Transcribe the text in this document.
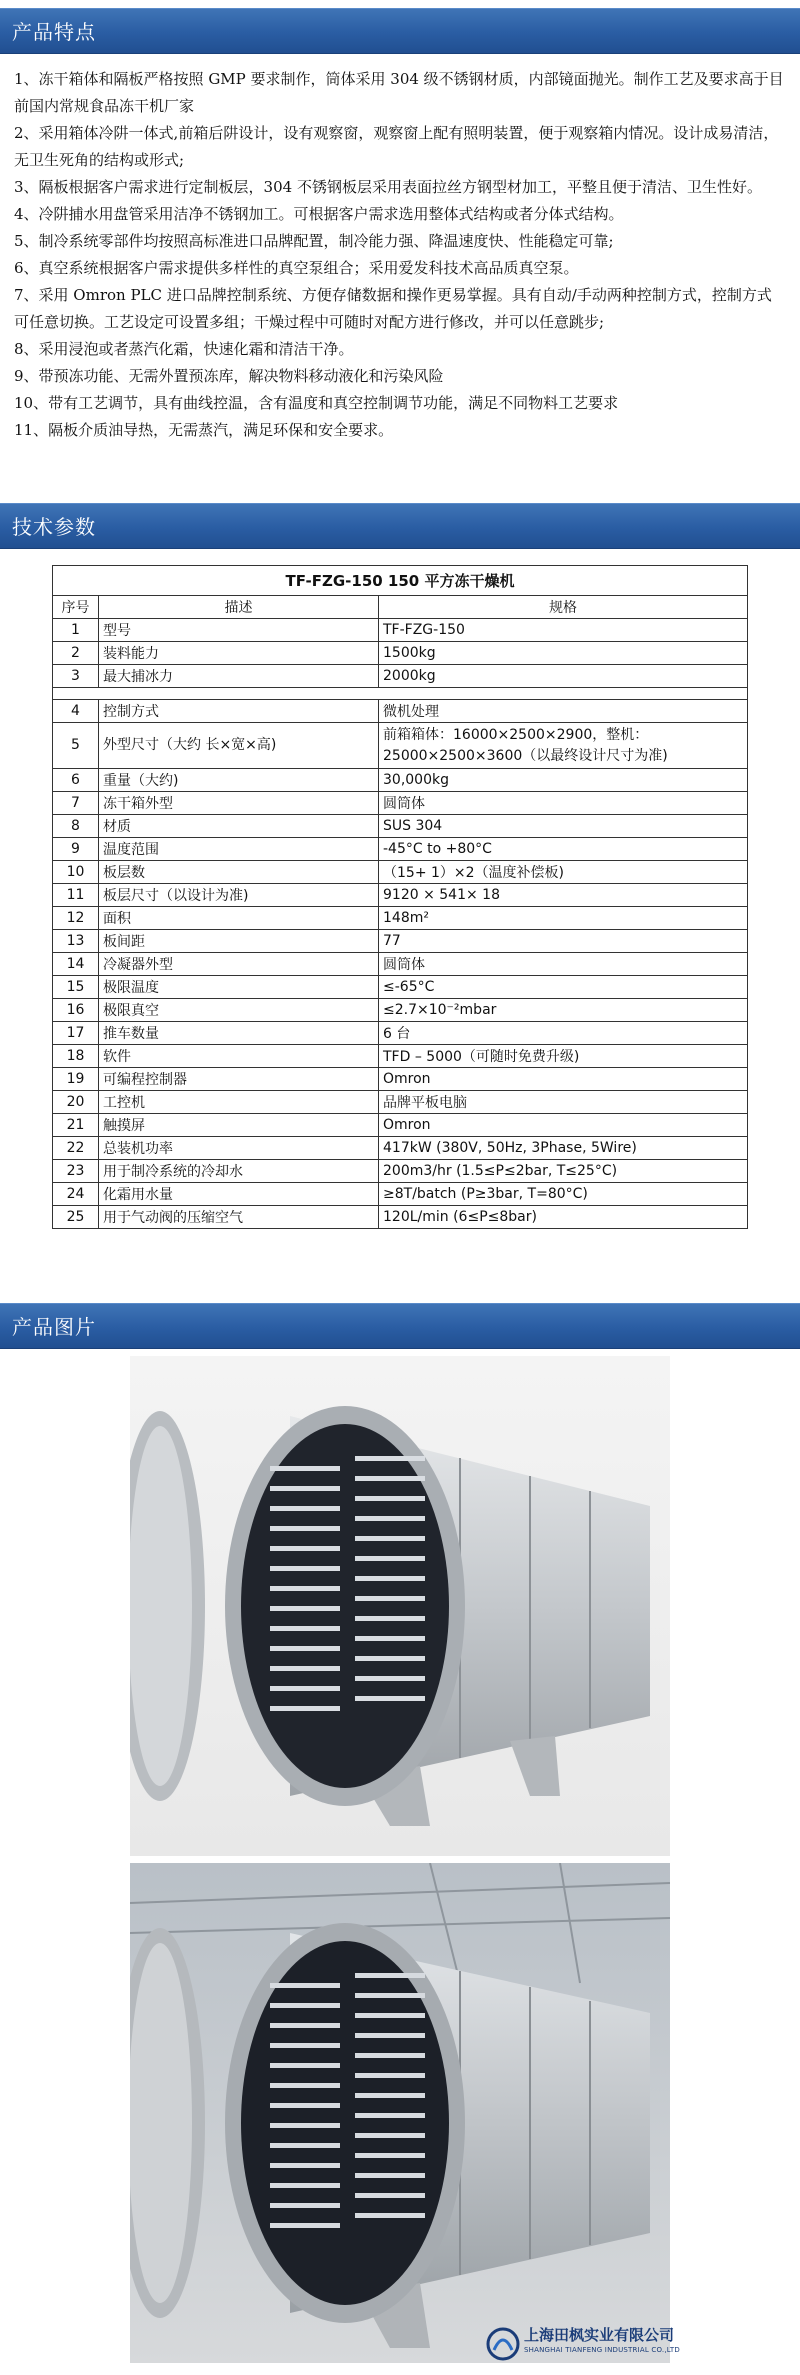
产品特点

1、冻干箱体和隔板严格按照 GMP 要求制作，筒体采用 304 级不锈钢材质，内部镜面抛光。制作工艺及要求高于目前国内常规食品冻干机厂家

2、采用箱体冷阱一体式,前箱后阱设计，设有观察窗，观察窗上配有照明装置，便于观察箱内情况。设计成易清洁， 无卫生死角的结构或形式;

3、隔板根据客户需求进行定制板层，304 不锈钢板层采用表面拉丝方钢型材加工，平整且便于清洁、卫生性好。

4、冷阱捕水用盘管采用洁净不锈钢加工。可根据客户需求选用整体式结构或者分体式结构。

5、制冷系统零部件均按照高标准进口品牌配置，制冷能力强、降温速度快、性能稳定可靠;

6、真空系统根据客户需求提供多样性的真空泵组合；采用爱发科技术高品质真空泵。

7、采用 Omron PLC 进口品牌控制系统、方便存储数据和操作更易掌握。具有自动/手动两种控制方式，控制方式可任意切换。工艺设定可设置多组；干燥过程中可随时对配方进行修改，并可以任意跳步;

8、采用浸泡或者蒸汽化霜，快速化霜和清洁干净。

9、带预冻功能、无需外置预冻库，解决物料移动液化和污染风险

10、带有工艺调节，具有曲线控温，含有温度和真空控制调节功能，满足不同物料工艺要求

11、隔板介质油导热，无需蒸汽，满足环保和安全要求。

技术参数
TF-FZG-150 150 平方冻干燥机		
序号	描述	规格
1	型号	TF-FZG-150
2	装料能力	1500kg
3	最大捕冰力	2000kg

4	控制方式	微机处理
5	外型尺寸（大约 长×宽×高)	前箱箱体：16000×2500×2900，整机：25000×2500×3600（以最终设计尺寸为准)
6	重量（大约)	30,000kg
7	冻干箱外型	圆筒体
8	材质	SUS 304
9	温度范围	-45°C to +80°C
10	板层数	（15+ 1）×2（温度补偿板)
11	板层尺寸（以设计为准)	9120 × 541× 18
12	面积	148m²
13	板间距	77
14	冷凝器外型	圆筒体
15	极限温度	≤-65°C
16	极限真空	≤2.7×10⁻²mbar
17	推车数量	6 台
18	软件	TFD – 5000（可随时免费升级)
19	可编程控制器	Omron
20	工控机	品牌平板电脑
21	触摸屏	Omron
22	总装机功率	417kW (380V, 50Hz, 3Phase, 5Wire)
23	用于制冷系统的冷却水	200m3/hr (1.5≤P≤2bar, T≤25°C)
24	化霜用水量	≥8T/batch (P≥3bar, T=80°C)
25	用于气动阀的压缩空气	120L/min (6≤P≤8bar)
产品图片
上海田枫实业有限公司
SHANGHAI TIANFENG INDUSTRIAL CO.,LTD
